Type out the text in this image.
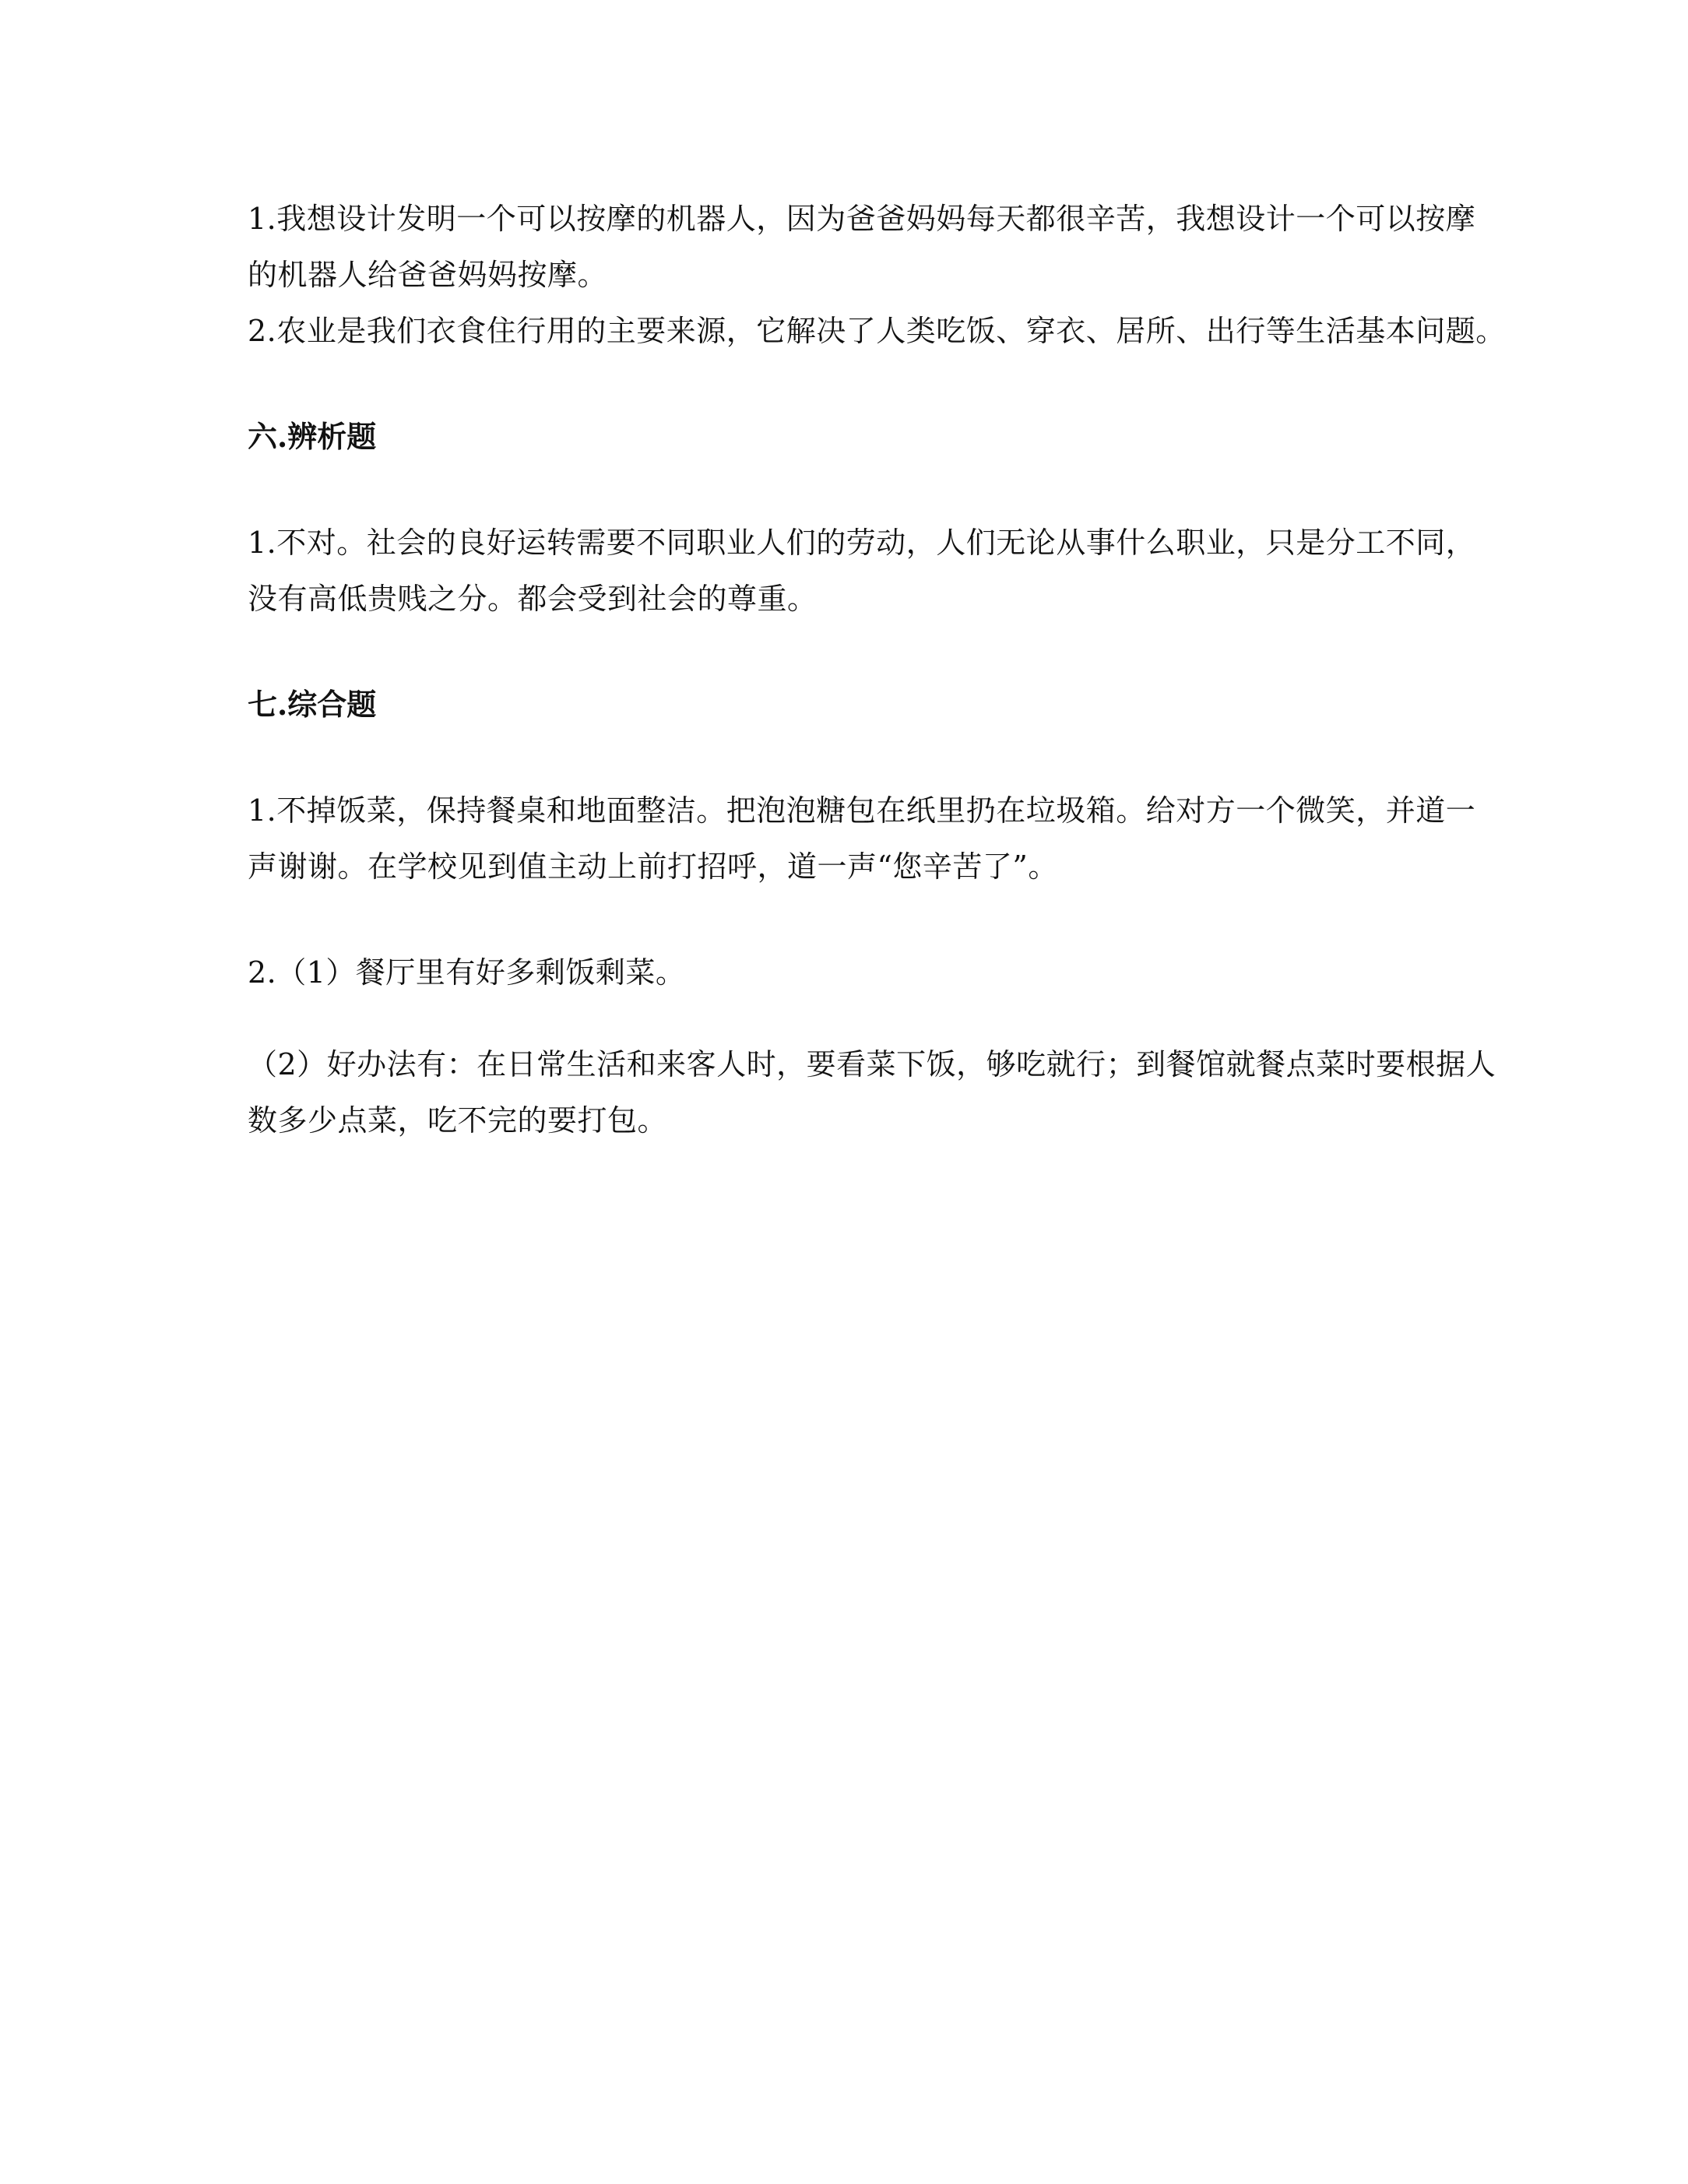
1.我想设计发明一个可以按摩的机器人，因为爸爸妈妈每天都很辛苦，我想设计一个可以按摩
的机器人给爸爸妈妈按摩。
2.农业是我们衣食住行用的主要来源，它解决了人类吃饭、穿衣、居所、出行等生活基本问题。
六.辨析题
1.不对。社会的良好运转需要不同职业人们的劳动，人们无论从事什么职业，只是分工不同，
没有高低贵贱之分。都会受到社会的尊重。
七.综合题
1.不掉饭菜，保持餐桌和地面整洁。把泡泡糖包在纸里扔在垃圾箱。给对方一个微笑，并道一
声谢谢。在学校见到值主动上前打招呼，道一声“您辛苦了”。
2.（1）餐厅里有好多剩饭剩菜。
（2）好办法有：在日常生活和来客人时，要看菜下饭，够吃就行；到餐馆就餐点菜时要根据人
数多少点菜，吃不完的要打包。
